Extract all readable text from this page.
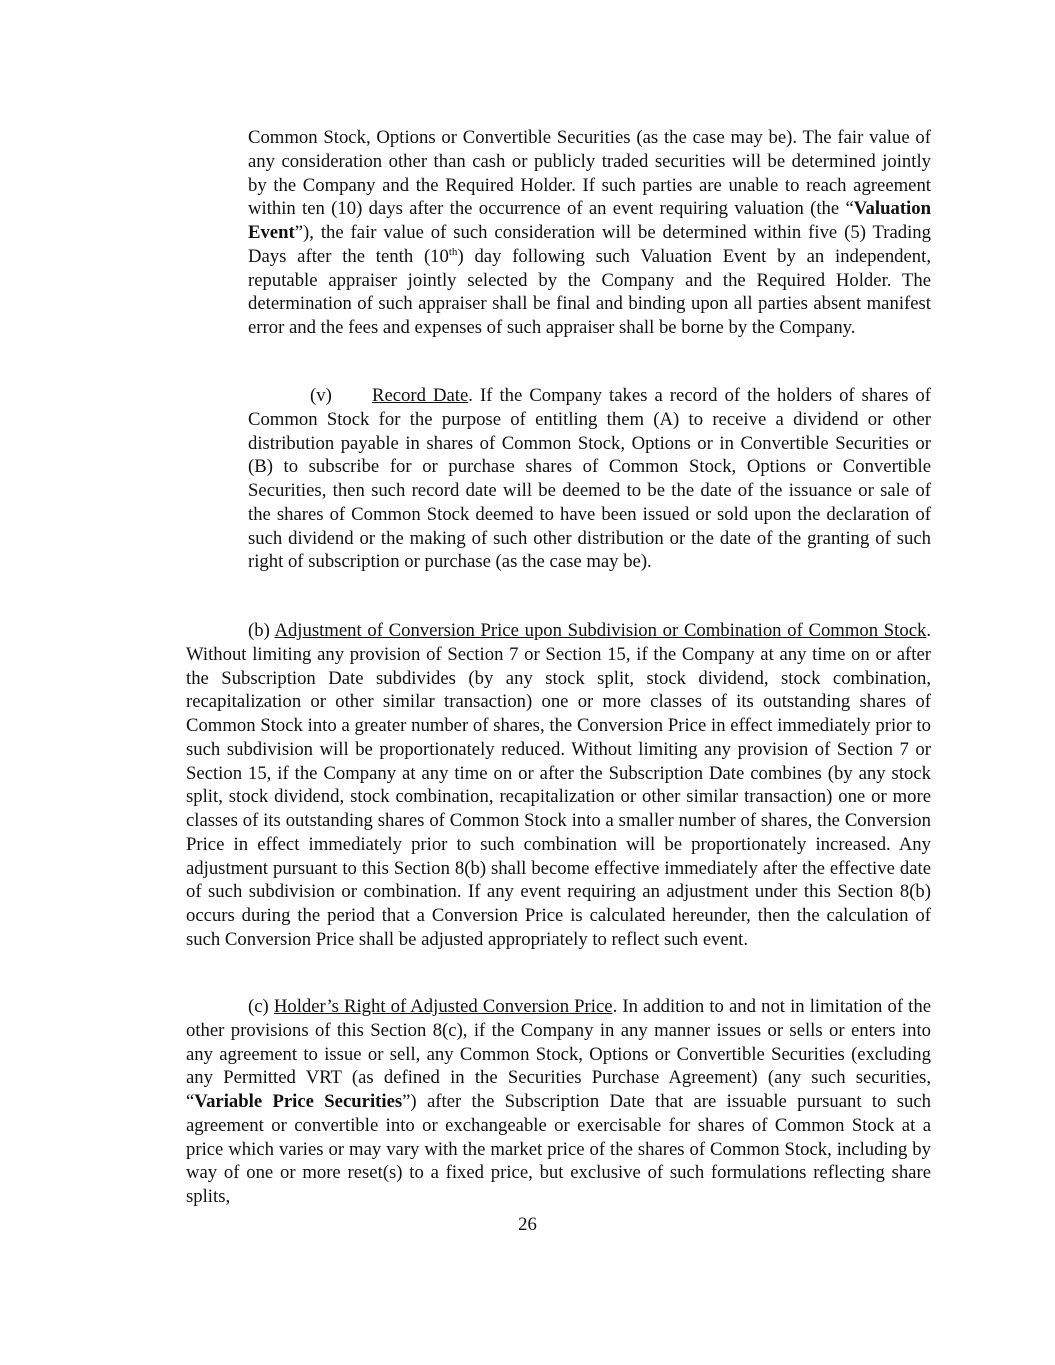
Common Stock, Options or Convertible Securities (as the case may be). The fair value of any consideration other than cash or publicly traded securities will be determined jointly by the Company and the Required Holder. If such parties are unable to reach agreement within ten (10) days after the occurrence of an event requiring valuation (the “Valuation Event”), the fair value of such consideration will be determined within five (5) Trading Days after the tenth (10th) day following such Valuation Event by an independent, reputable appraiser jointly selected by the Company and the Required Holder. The determination of such appraiser shall be final and binding upon all parties absent manifest error and the fees and expenses of such appraiser shall be borne by the Company.

(v) Record Date. If the Company takes a record of the holders of shares of Common Stock for the purpose of entitling them (A) to receive a dividend or other distribution payable in shares of Common Stock, Options or in Convertible Securities or (B) to subscribe for or purchase shares of Common Stock, Options or Convertible Securities, then such record date will be deemed to be the date of the issuance or sale of the shares of Common Stock deemed to have been issued or sold upon the declaration of such dividend or the making of such other distribution or the date of the granting of such right of subscription or purchase (as the case may be).

(b) Adjustment of Conversion Price upon Subdivision or Combination of Common Stock. Without limiting any provision of Section 7 or Section 15, if the Company at any time on or after the Subscription Date subdivides (by any stock split, stock dividend, stock combination, recapitalization or other similar transaction) one or more classes of its outstanding shares of Common Stock into a greater number of shares, the Conversion Price in effect immediately prior to such subdivision will be proportionately reduced. Without limiting any provision of Section 7 or Section 15, if the Company at any time on or after the Subscription Date combines (by any stock split, stock dividend, stock combination, recapitalization or other similar transaction) one or more classes of its outstanding shares of Common Stock into a smaller number of shares, the Conversion Price in effect immediately prior to such combination will be proportionately increased. Any adjustment pursuant to this Section 8(b) shall become effective immediately after the effective date of such subdivision or combination. If any event requiring an adjustment under this Section 8(b) occurs during the period that a Conversion Price is calculated hereunder, then the calculation of such Conversion Price shall be adjusted appropriately to reflect such event.

(c) Holder’s Right of Adjusted Conversion Price. In addition to and not in limitation of the other provisions of this Section 8(c), if the Company in any manner issues or sells or enters into any agreement to issue or sell, any Common Stock, Options or Convertible Securities (excluding any Permitted VRT (as defined in the Securities Purchase Agreement) (any such securities, “Variable Price Securities”) after the Subscription Date that are issuable pursuant to such agreement or convertible into or exchangeable or exercisable for shares of Common Stock at a price which varies or may vary with the market price of the shares of Common Stock, including by way of one or more reset(s) to a fixed price, but exclusive of such formulations reflecting share splits,

26
